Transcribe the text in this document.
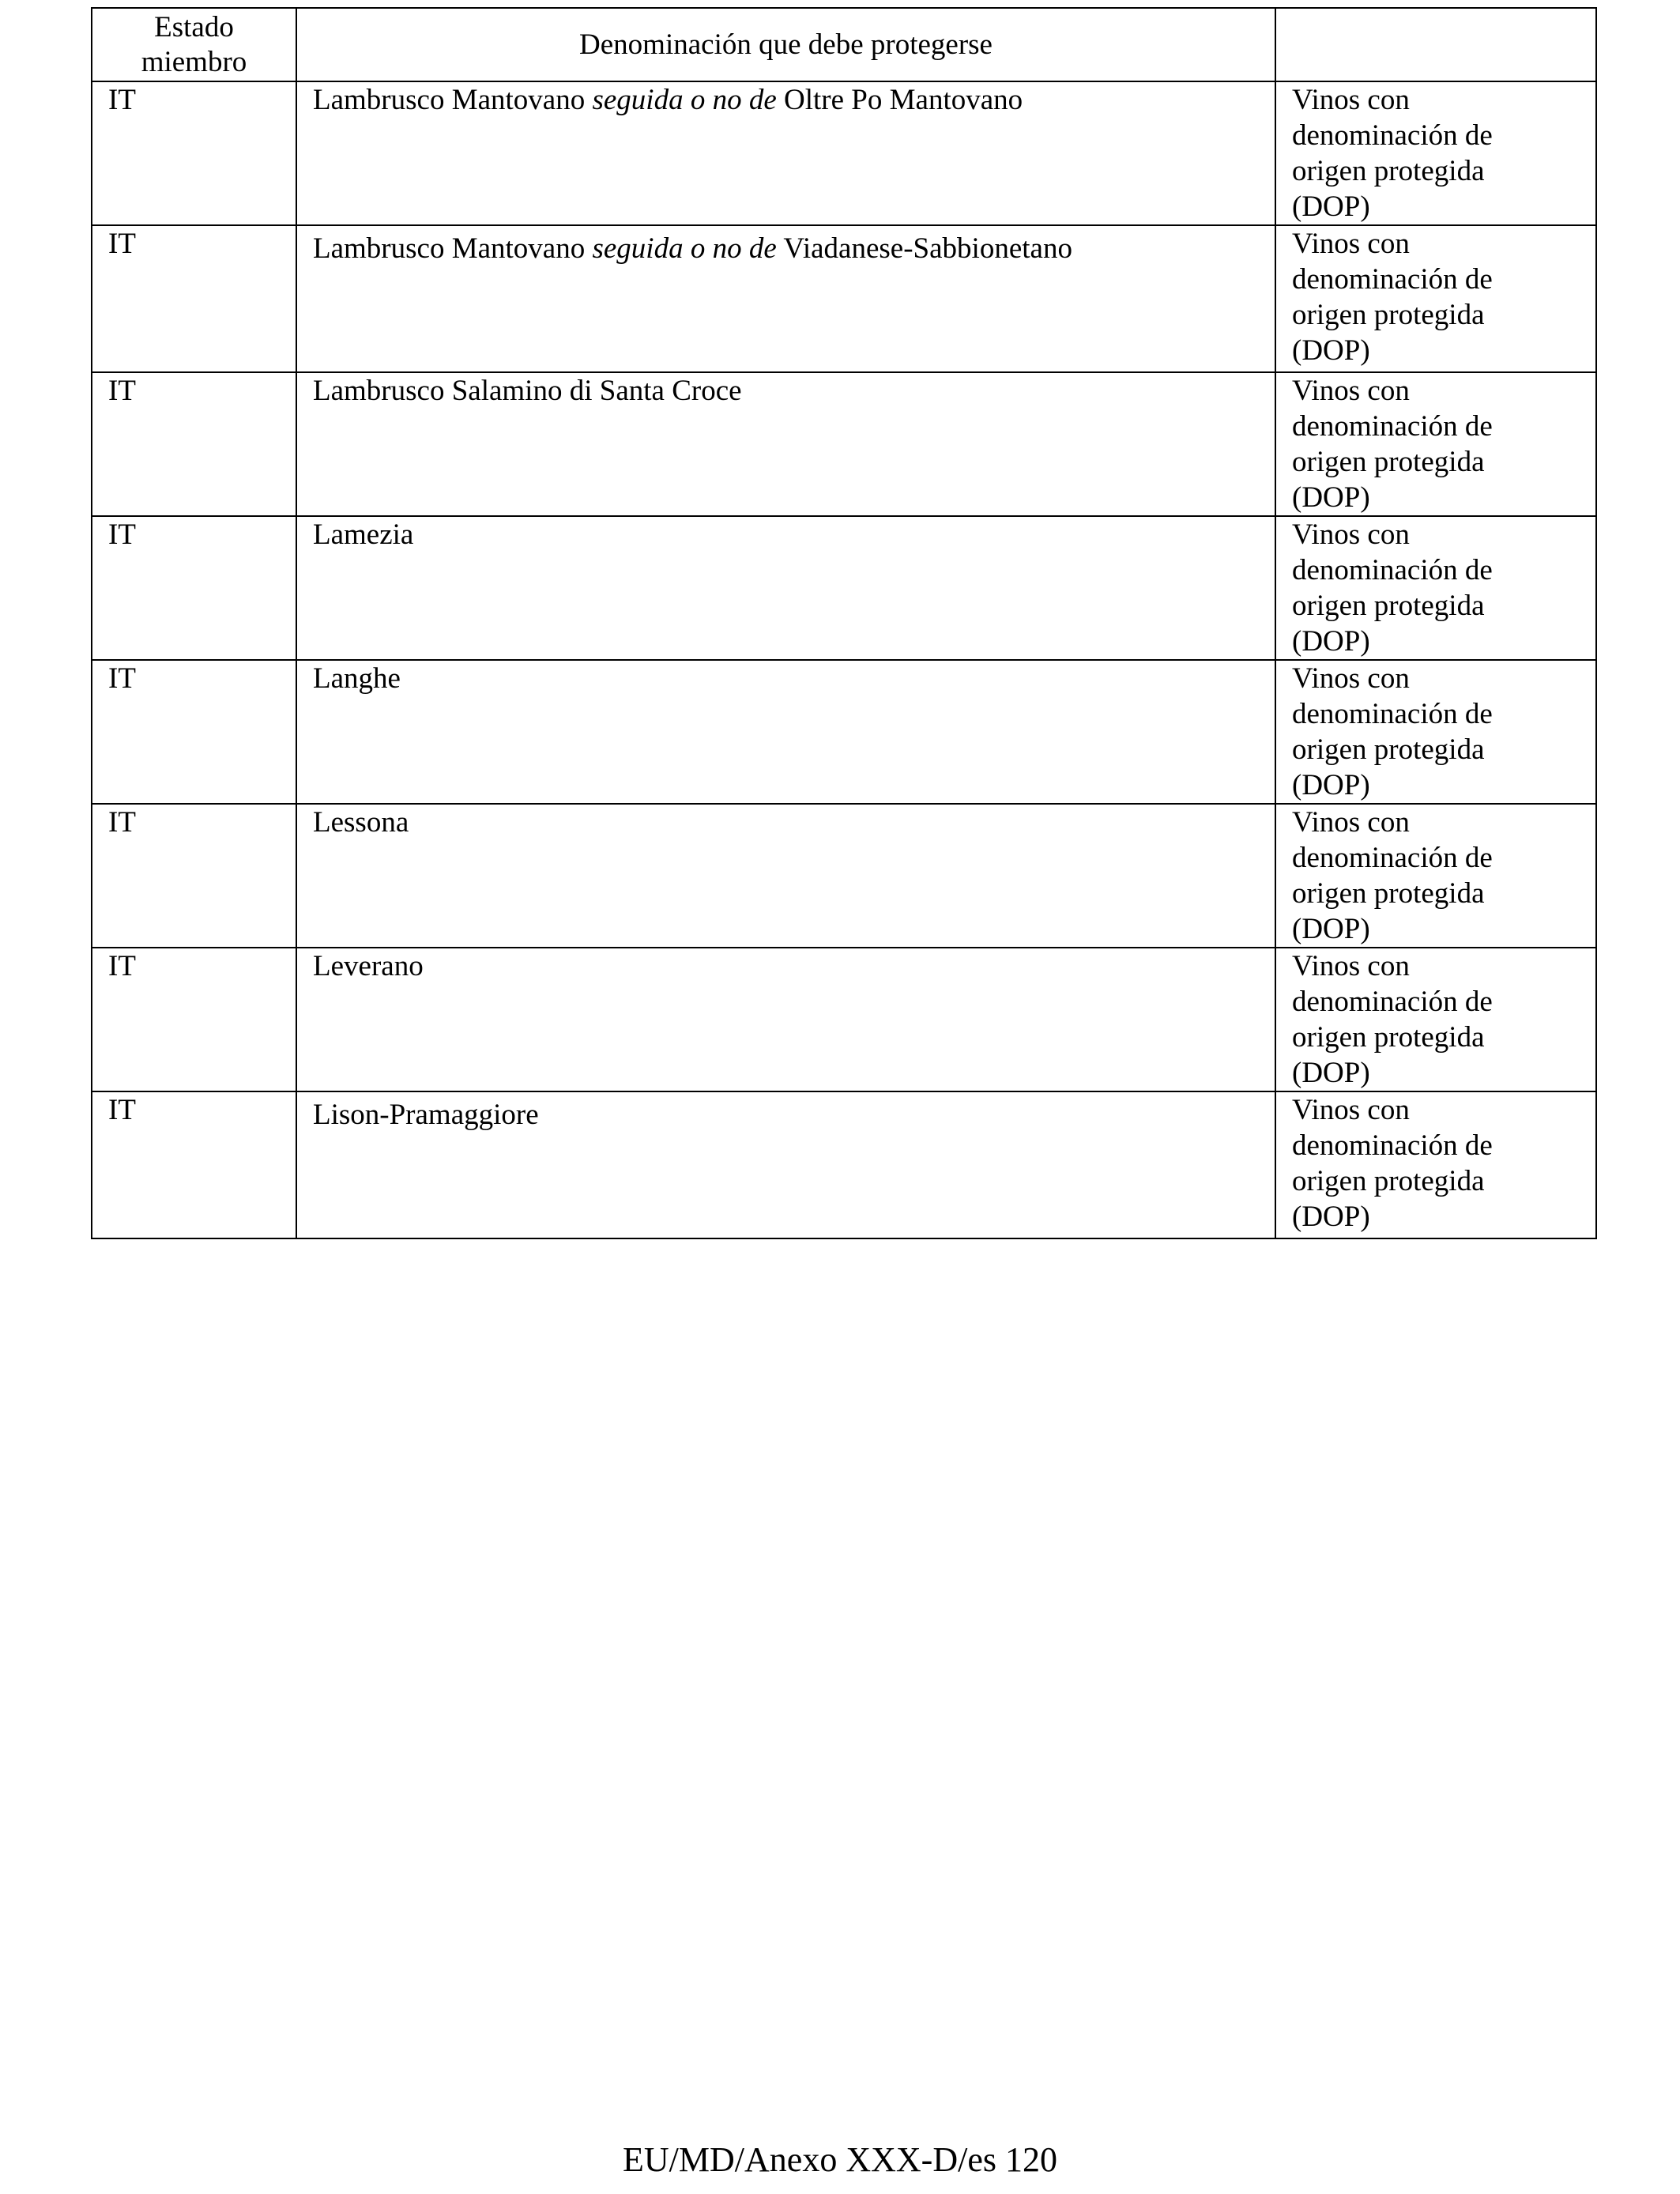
Estado
miembro	Denominación que debe protegerse	
IT	Lambrusco Mantovano seguida o no de Oltre Po Mantovano	Vinos con
denominación de
origen protegida
(DOP)
IT	Lambrusco Mantovano seguida o no de Viadanese-Sabbionetano	Vinos con
denominación de
origen protegida
(DOP)
IT	Lambrusco Salamino di Santa Croce	Vinos con
denominación de
origen protegida
(DOP)
IT	Lamezia	Vinos con
denominación de
origen protegida
(DOP)
IT	Langhe	Vinos con
denominación de
origen protegida
(DOP)
IT	Lessona	Vinos con
denominación de
origen protegida
(DOP)
IT	Leverano	Vinos con
denominación de
origen protegida
(DOP)
IT	Lison-Pramaggiore	Vinos con
denominación de
origen protegida
(DOP)
EU/MD/Anexo XXX-D/es 120
